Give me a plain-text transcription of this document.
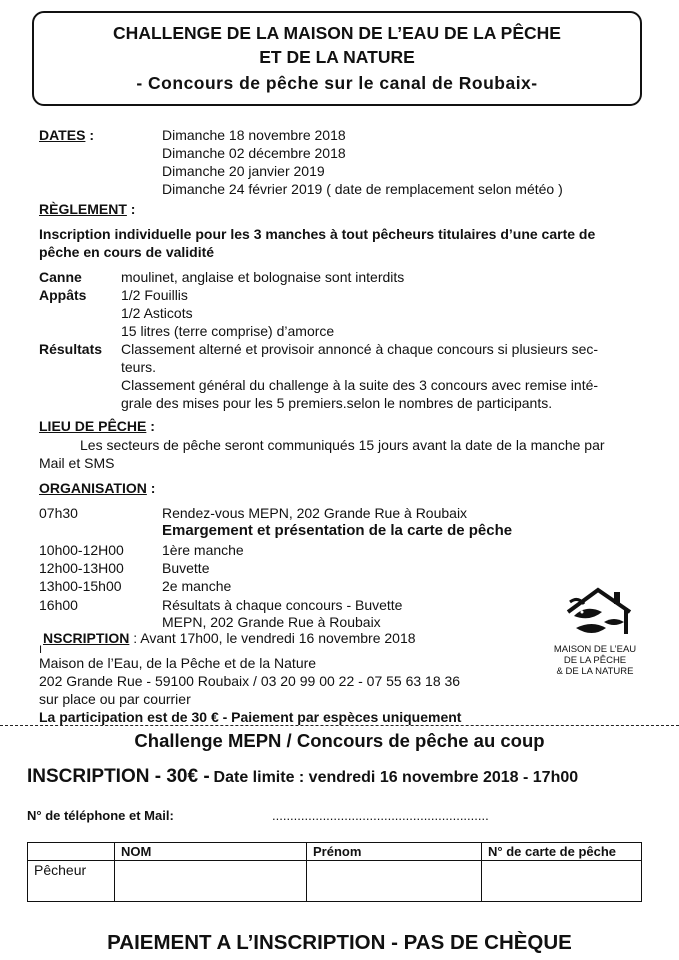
CHALLENGE DE LA MAISON DE L’EAU DE LA PÊCHE
ET DE LA NATURE
- Concours de pêche sur le canal de Roubaix-
DATES :	Dimanche 18 novembre 2018
Dimanche 02 décembre 2018
Dimanche 20 janvier 2019
Dimanche 24 février 2019 ( date de remplacement selon météo )
RÈGLEMENT :
Inscription individuelle pour les 3 manches à tout pêcheurs titulaires d’une carte de
pêche en cours de validité
Canne	moulinet, anglaise et bolognaise sont interdits
Appâts 1/2 Fouillis
1/2 Asticots
15 litres (terre comprise) d’amorce
Résultats Classement alterné et provisoir annoncé à chaque concours si plusieurs sec-
teurs.
Classement général du challenge à la suite des 3 concours avec remise inté-
grale des mises pour les 5 premiers.selon le nombres de participants.
LIEU DE PÊCHE :
Les secteurs de pêche seront communiqués 15 jours avant la date de la manche par
Mail et SMS
ORGANISATION :
07h30	Rendez-vous MEPN, 202 Grande Rue à Roubaix
Emargement et présentation de la carte de pêche
10h00-12H00	1ère manche
12h00-13H00	Buvette
13h00-15h00	2e manche
16h00	Résultats à chaque concours - Buvette
MEPN, 202 Grande Rue à Roubaix
NSCRIPTION : Avant 17h00, le vendredi 16 novembre 2018
I
Maison de l’Eau, de la Pêche et de la Nature
202 Grande Rue - 59100 Roubaix / 03 20 99 00 22 - 07 55 63 18 36
sur place ou par courrier
La participation est de 30 € - Paiement par espèces uniquement
MAISON DE L’EAU
DE LA PÊCHE
& DE LA NATURE
Challenge MEPN / Concours de pêche au coup
INSCRIPTION - 30€ - Date limite : vendredi 16 novembre 2018 - 17h00
N° de téléphone et Mail:	............................................................
	NOM	Prénom	N° de carte de pêche
Pêcheur			
PAIEMENT A L’INSCRIPTION - PAS DE CHÈQUE
